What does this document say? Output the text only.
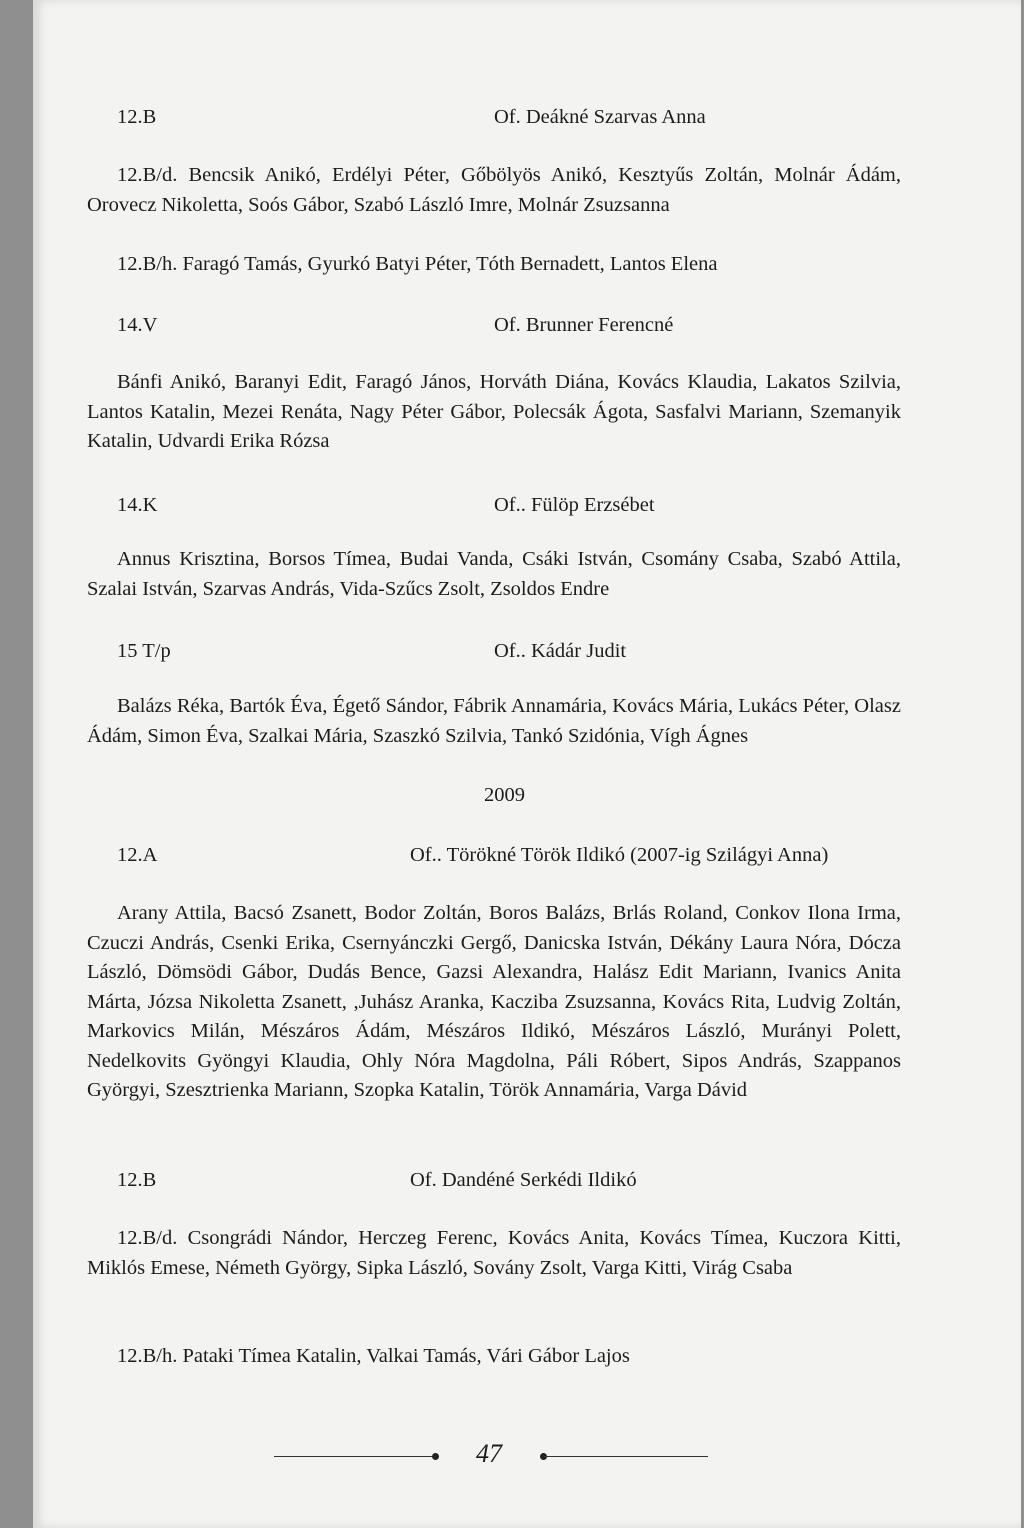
12.B	Of. Deákné Szarvas Anna
12.B/d. Bencsik Anikó, Erdélyi Péter, Gőbölyös Anikó, Kesztyűs Zoltán, Molnár Ádám, Orovecz Nikoletta, Soós Gábor, Szabó László Imre, Molnár Zsuzsanna
12.B/h. Faragó Tamás, Gyurkó Batyi Péter, Tóth Bernadett, Lantos Elena
14.V	Of. Brunner Ferencné
Bánfi Anikó, Baranyi Edit, Faragó János, Horváth Diána, Kovács Klaudia, Lakatos Szilvia, Lantos Katalin, Mezei Renáta, Nagy Péter Gábor, Polecsák Ágota, Sasfalvi Mariann, Szemanyik Katalin, Udvardi Erika Rózsa
14.K	Of.. Fülöp Erzsébet
Annus Krisztina, Borsos Tímea, Budai Vanda, Csáki István, Csomány Csaba, Szabó Attila, Szalai István, Szarvas András, Vida-Szűcs Zsolt, Zsoldos Endre
15 T/p	Of.. Kádár Judit
Balázs Réka, Bartók Éva, Égető Sándor, Fábrik Annamária, Kovács Mária, Lukács Péter, Olasz Ádám, Simon Éva, Szalkai Mária, Szaszkó Szilvia, Tankó Szidónia, Vígh Ágnes
2009
12.A	Of.. Törökné Török Ildikó (2007-ig Szilágyi Anna)
Arany Attila, Bacsó Zsanett, Bodor Zoltán, Boros Balázs, Brlás Roland, Conkov Ilona Irma, Czuczi András, Csenki Erika, Csernyánczki Gergő, Danicska István, Dékány Laura Nóra, Dócza László, Dömsödi Gábor, Dudás Bence, Gazsi Alexandra, Halász Edit Mariann, Ivanics Anita Márta, Józsa Nikoletta Zsanett, ,Juhász Aranka, Kacziba Zsuzsanna, Kovács Rita, Ludvig Zoltán, Markovics Milán, Mészáros Ádám, Mészáros Ildikó, Mészáros László, Murányi Polett, Nedelkovits Gyöngyi Klaudia, Ohly Nóra Magdolna, Páli Róbert, Sipos András, Szappanos Györgyi, Szesztrienka Mariann, Szopka Katalin, Török Annamária, Varga Dávid
12.B	Of. Dandéné Serkédi Ildikó
12.B/d. Csongrádi Nándor, Herczeg Ferenc, Kovács Anita, Kovács Tímea, Kuczora Kitti, Miklós Emese, Németh György, Sipka László, Sovány Zsolt, Varga Kitti, Virág Csaba
12.B/h. Pataki Tímea Katalin, Valkai Tamás, Vári Gábor Lajos
47
